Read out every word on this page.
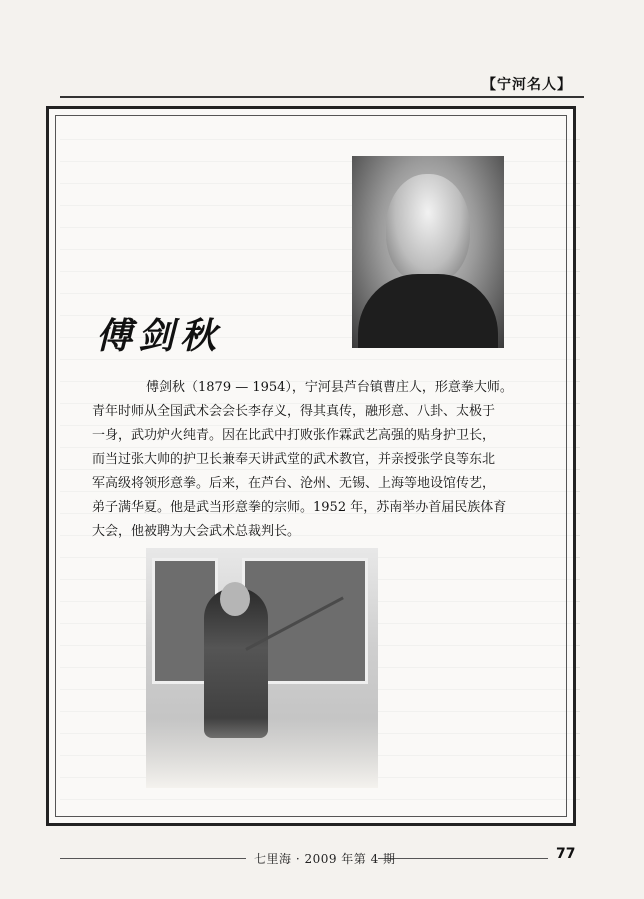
【宁河名人】
傅剑秋

傅剑秋（1879 — 1954），宁河县芦台镇曹庄人，形意拳大师。

青年时师从全国武术会会长李存义，得其真传，融形意、八卦、太极于

一身，武功炉火纯青。因在比武中打败张作霖武艺高强的贴身护卫长，

而当过张大帅的护卫长兼奉天讲武堂的武术教官，并亲授张学良等东北

军高级将领形意拳。后来，在芦台、沧州、无锡、上海等地设馆传艺，

弟子满华夏。他是武当形意拳的宗师。1952 年，苏南举办首届民族体育

大会，他被聘为大会武术总裁判长。

七里海 · 2009 年第 4 期	77
